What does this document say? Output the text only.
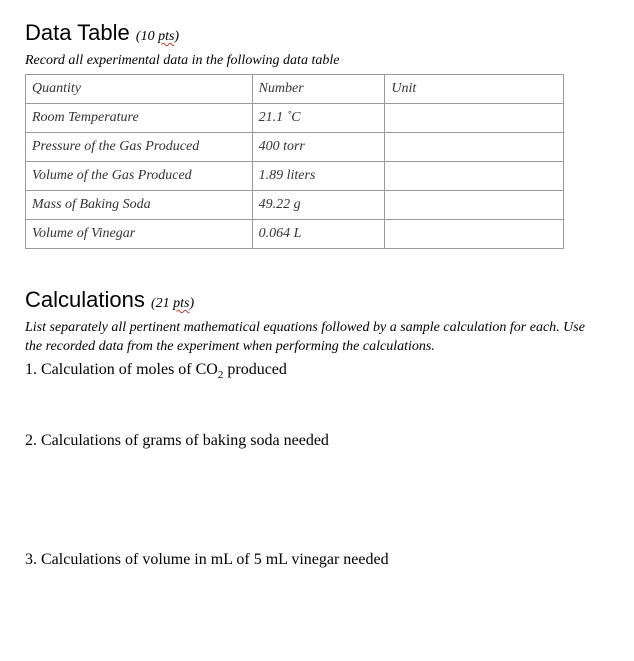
Data Table (10 pts)
Record all experimental data in the following data table
Quantity	Number	Unit
Room Temperature	21.1 ˚C	
Pressure of the Gas Produced	400 torr	
Volume of the Gas Produced	1.89 liters	
Mass of Baking Soda	49.22 g	
Volume of Vinegar	0.064 L	
Calculations (21 pts)
List separately all pertinent mathematical equations followed by a sample calculation for each. Use the recorded data from the experiment when performing the calculations.
1. Calculation of moles of $CO_2$ produced
2. Calculations of grams of baking soda needed
3. Calculations of volume in mL of 5 mL vinegar needed
